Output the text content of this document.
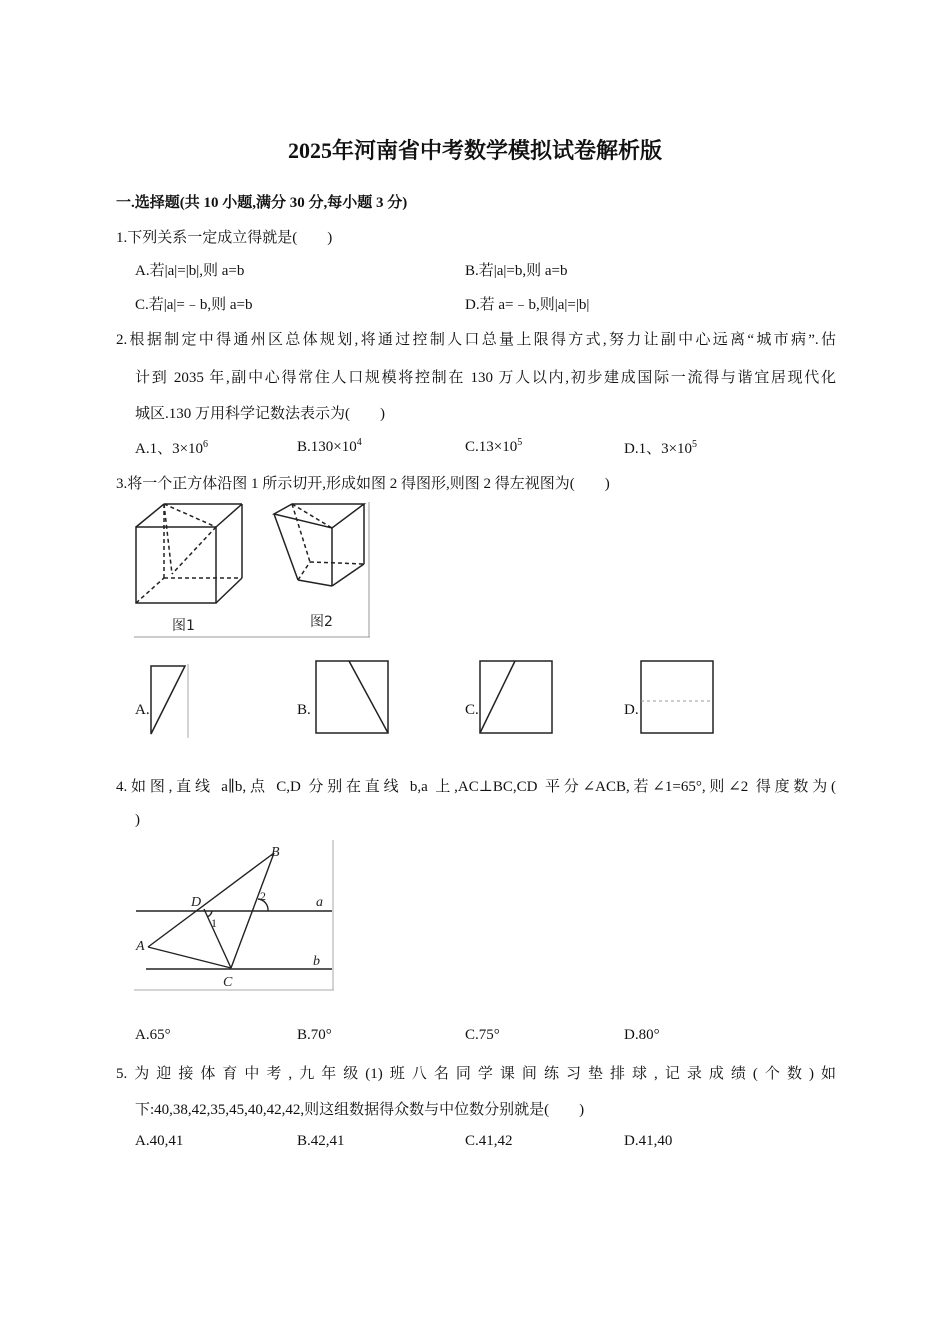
2025年河南省中考数学模拟试卷解析版
一.选择题(共 10 小题,满分 30 分,每小题 3 分)
1.下列关系一定成立得就是(　　)
A.若|a|=|b|,则 a=b	B.若|a|=b,则 a=b
C.若|a|=﹣b,则 a=b	D.若 a=﹣b,则|a|=|b|
2.根据制定中得通州区总体规划,将通过控制人口总量上限得方式,努力让副中心远离“城市病”.估
计到 2035 年,副中心得常住人口规模将控制在 130 万人以内,初步建成国际一流得与谐宜居现代化
城区.130 万用科学记数法表示为(　　)
A.1、$3\times 10^6$	$B.130\times 10^4$	$C.13\times 10^5$	D.1、$3\times 10^5$
3.将一个正方体沿图 1 所示切开,形成如图 2 得图形,则图 2 得左视图为(　　)
图1	图2
A.	B.	C.	D.
4.如图,直线 a∥b,点 C,D 分别在直线 b,a 上,AC⊥BC,CD 平分∠ACB,若∠1=65°,则∠2 得度数为(
)
B
D
A
C
a
b
1
2
A.65°	B.70°	C.75°	D.80°
5.为迎接体育中考,九年级(1)班八名同学课间练习垫排球,记录成绩(个数)如
下:40,38,42,35,45,40,42,42,则这组数据得众数与中位数分别就是(　　)
A.40,41	B.42,41	C.41,42	D.41,40
